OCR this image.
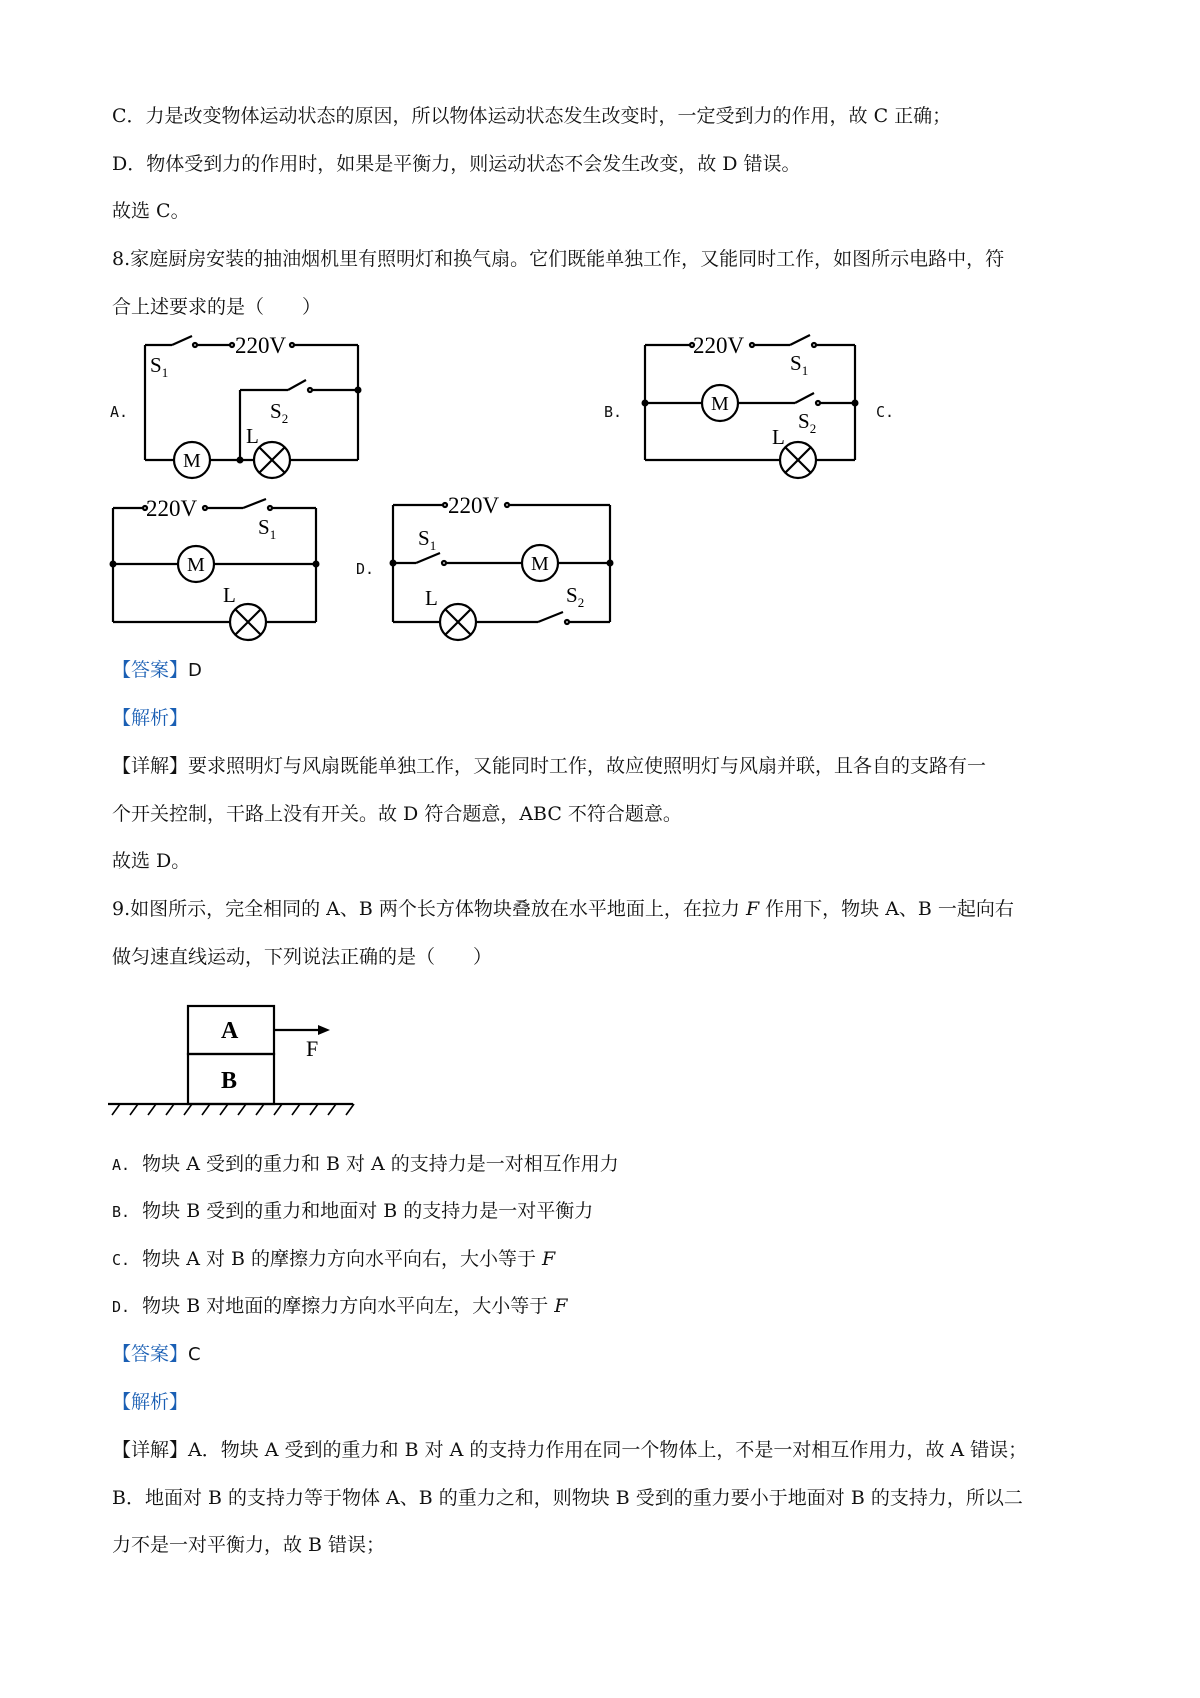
C．力是改变物体运动状态的原因，所以物体运动状态发生改变时，一定受到力的作用，故 C 正确；
D．物体受到力的作用时，如果是平衡力，则运动状态不会发生改变，故 D 错误。
故选 C。
8.家庭厨房安装的抽油烟机里有照明灯和换气扇。它们既能单独工作，又能同时工作，如图所示电路中，符
合上述要求的是（　　）
A.
220V
$S_1$
$S_2$
M
L
B.
220V
$S_1$
$S_2$
M
L
C.
220V
$S_1$
M
L
D.
220V
$S_1$
$S_2$
M
L
【答案】D
【解析】
【详解】要求照明灯与风扇既能单独工作，又能同时工作，故应使照明灯与风扇并联，且各自的支路有一
个开关控制，干路上没有开关。故 D 符合题意，ABC 不符合题意。
故选 D。
9.如图所示，完全相同的 A、B 两个长方体物块叠放在水平地面上，在拉力 F 作用下，物块 A、B 一起向右
做匀速直线运动，下列说法正确的是（　　）
A
B
F
A. 物块 A 受到的重力和 B 对 A 的支持力是一对相互作用力
B. 物块 B 受到的重力和地面对 B 的支持力是一对平衡力
C. 物块 A 对 B 的摩擦力方向水平向右，大小等于 F
D. 物块 B 对地面的摩擦力方向水平向左，大小等于 F
【答案】C
【解析】
【详解】A．物块 A 受到的重力和 B 对 A 的支持力作用在同一个物体上，不是一对相互作用力，故 A 错误；
B．地面对 B 的支持力等于物体 A、B 的重力之和，则物块 B 受到的重力要小于地面对 B 的支持力，所以二
力不是一对平衡力，故 B 错误；
